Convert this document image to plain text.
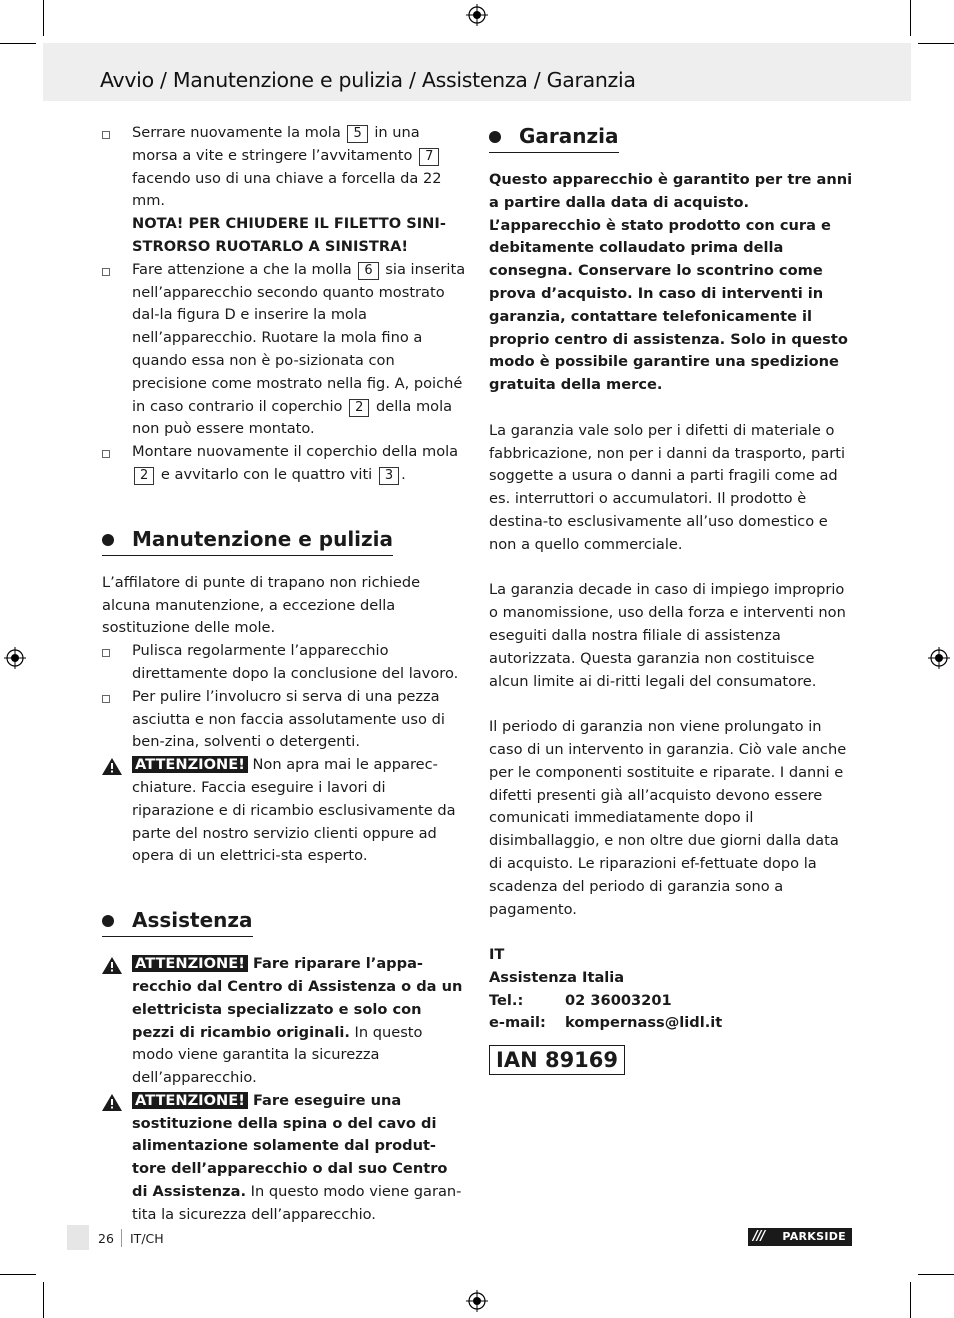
Avvio / Manutenzione e pulizia / Assistenza / Garanzia
Serrare nuovamente la mola 5 in una morsa a vite e stringere l’avvitamento 7 facendo uso di una chiave a forcella da 22 mm.
NOTA! PER CHIUDERE IL FILETTO SINI-STRORSO RUOTARLO A SINISTRA!
Fare attenzione a che la molla 6 sia inserita nell’apparecchio secondo quanto mostrato dal-la figura D e inserire la mola nell’apparecchio. Ruotare la mola fino a quando essa non è po-sizionata con precisione come mostrato nella fig. A, poiché in caso contrario il coperchio 2 della mola non può essere montato.
Montare nuovamente il coperchio della mola 2 e avvitarlo con le quattro viti 3 .
Manutenzione e pulizia

L’affilatore di punte di trapano non richiede alcuna manutenzione, a eccezione della sostituzione delle mole.

Pulisca regolarmente l’apparecchio direttamente dopo la conclusione del lavoro.
Per pulire l’involucro si serva di una pezza asciutta e non faccia assolutamente uso di ben-zina, solventi o detergenti.
ATTENZIONE! Non apra mai le apparec-chiature. Faccia eseguire i lavori di riparazione e di ricambio esclusivamente da parte del nostro servizio clienti oppure ad opera di un elettrici-sta esperto.
Assistenza
ATTENZIONE! Fare riparare l’appa-recchio dal Centro di Assistenza o da un elettricista specializzato e solo con pezzi di ricambio originali. In questo modo viene garantita la sicurezza dell’apparecchio.
ATTENZIONE! Fare eseguire una sostituzione della spina o del cavo di alimentazione solamente dal produt-tore dell’apparecchio o dal suo Centro di Assistenza. In questo modo viene garan-tita la sicurezza dell’apparecchio.
Garanzia

Questo apparecchio è garantito per tre anni a partire dalla data di acquisto. L’apparecchio è stato prodotto con cura e debitamente collaudato prima della consegna. Conservare lo scontrino come prova d’acquisto. In caso di interventi in garanzia, contattare telefonicamente il proprio centro di assistenza. Solo in questo modo è possibile garantire una spedizione gratuita della merce.

La garanzia vale solo per i difetti di materiale o fabbricazione, non per i danni da trasporto, parti soggette a usura o danni a parti fragili come ad es. interruttori o accumulatori. Il prodotto è destina-to esclusivamente all’uso domestico e non a quello commerciale.

La garanzia decade in caso di impiego improprio o manomissione, uso della forza e interventi non eseguiti dalla nostra filiale di assistenza autorizzata. Questa garanzia non costituisce alcun limite ai di-ritti legali del consumatore.

Il periodo di garanzia non viene prolungato in caso di un intervento in garanzia. Ciò vale anche per le componenti sostituite e riparate. I danni e difetti presenti già all’acquisto devono essere comunicati immediatamente dopo il disimballaggio, e non oltre due giorni dalla data di acquisto. Le riparazioni ef-fettuate dopo la scadenza del periodo di garanzia sono a pagamento.

IT
Assistenza Italia
Tel.:	02 36003201
e-mail:	kompernass@lidl.it
IAN 89169
26 IT/CH	/// PARKSIDE
